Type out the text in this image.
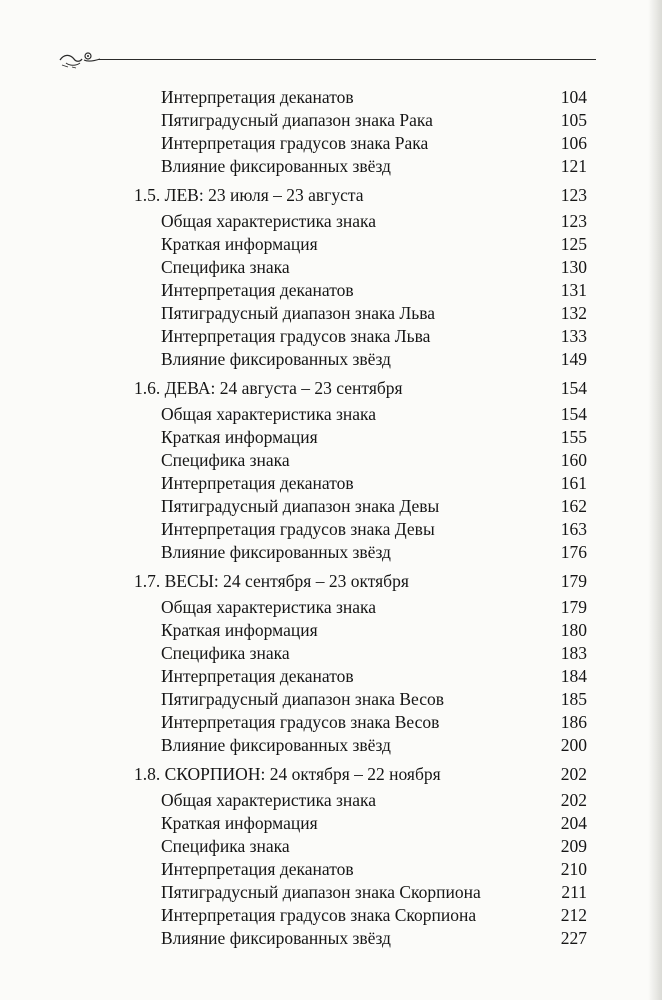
Интерпретация деканатов	104
Пятиградусный диапазон знака Рака	105
Интерпретация градусов знака Рака	106
Влияние фиксированных звёзд	121
1.5. ЛЕВ: 23 июля – 23 августа	123
Общая характеристика знака	123
Краткая информация	125
Специфика знака	130
Интерпретация деканатов	131
Пятиградусный диапазон знака Льва	132
Интерпретация градусов знака Льва	133
Влияние фиксированных звёзд	149
1.6. ДЕВА: 24 августа – 23 сентября	154
Общая характеристика знака	154
Краткая информация	155
Специфика знака	160
Интерпретация деканатов	161
Пятиградусный диапазон знака Девы	162
Интерпретация градусов знака Девы	163
Влияние фиксированных звёзд	176
1.7. ВЕСЫ: 24 сентября – 23 октября	179
Общая характеристика знака	179
Краткая информация	180
Специфика знака	183
Интерпретация деканатов	184
Пятиградусный диапазон знака Весов	185
Интерпретация градусов знака Весов	186
Влияние фиксированных звёзд	200
1.8. СКОРПИОН: 24 октября – 22 ноября	202
Общая характеристика знака	202
Краткая информация	204
Специфика знака	209
Интерпретация деканатов	210
Пятиградусный диапазон знака Скорпиона	211
Интерпретация градусов знака Скорпиона	212
Влияние фиксированных звёзд	227
